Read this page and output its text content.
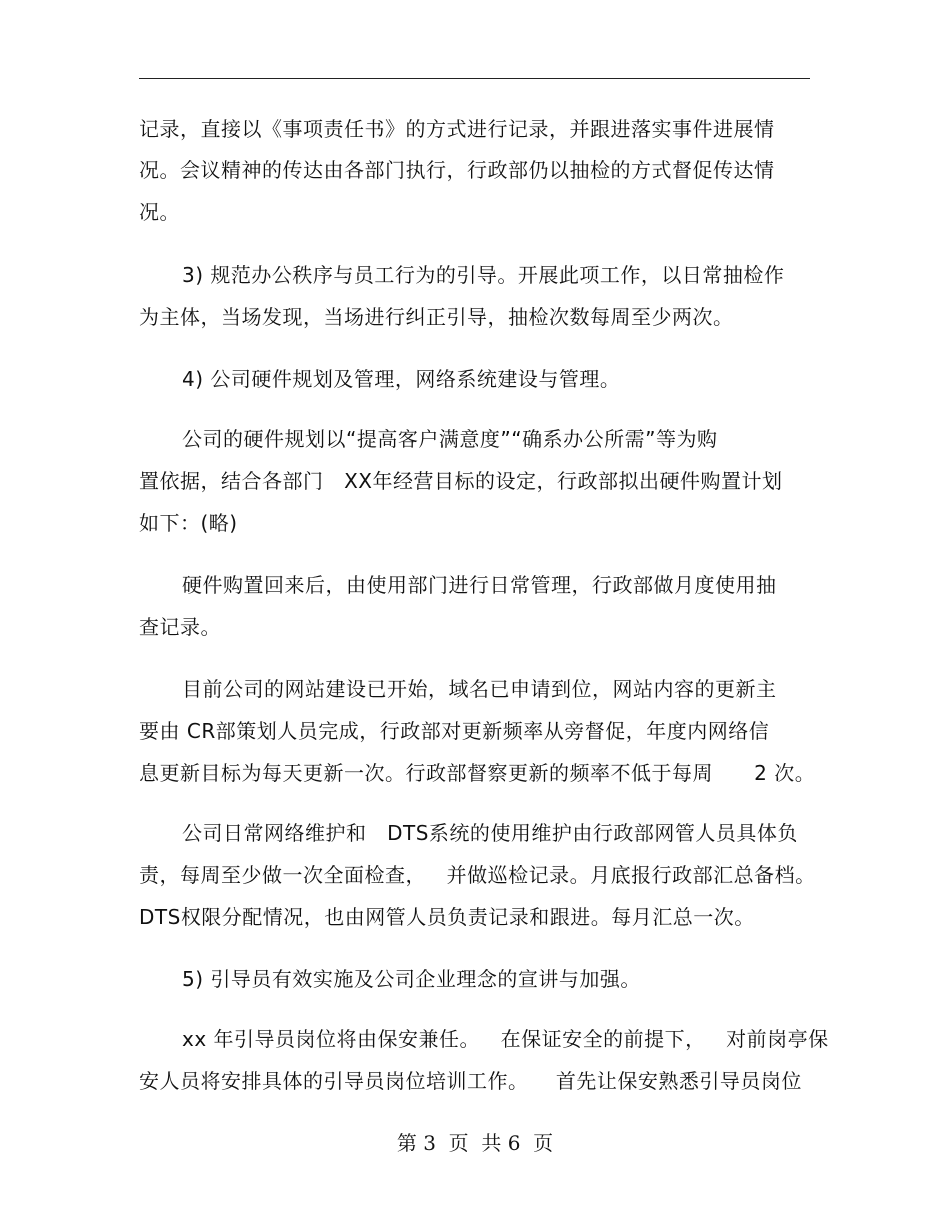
记录，直接以《事项责任书》的方式进行记录，并跟进落实事件进展情
况。会议精神的传达由各部门执行，行政部仍以抽检的方式督促传达情
况。
3) 规范办公秩序与员工行为的引导。开展此项工作，以日常抽检作
为主体，当场发现，当场进行纠正引导，抽检次数每周至少两次。
4) 公司硬件规划及管理，网络系统建设与管理。
公司的硬件规划以“提高客户满意度”“确系办公所需”等为购
置依据，结合各部门   XX年经营目标的设定，行政部拟出硬件购置计划
如下：(略)
硬件购置回来后，由使用部门进行日常管理，行政部做月度使用抽
查记录。
目前公司的网站建设已开始，域名已申请到位，网站内容的更新主
要由 CR部策划人员完成，行政部对更新频率从旁督促，年度内网络信
息更新目标为每天更新一次。行政部督察更新的频率不低于每周      2 次。
公司日常网络维护和   DTS系统的使用维护由行政部网管人员具体负
责，每周至少做一次全面检查，   并做巡检记录。月底报行政部汇总备档。
DTS权限分配情况，也由网管人员负责记录和跟进。每月汇总一次。
5) 引导员有效实施及公司企业理念的宣讲与加强。
xx 年引导员岗位将由保安兼任。   在保证安全的前提下，   对前岗亭保
安人员将安排具体的引导员岗位培训工作。    首先让保安熟悉引导员岗位
第 3  页  共 6  页
